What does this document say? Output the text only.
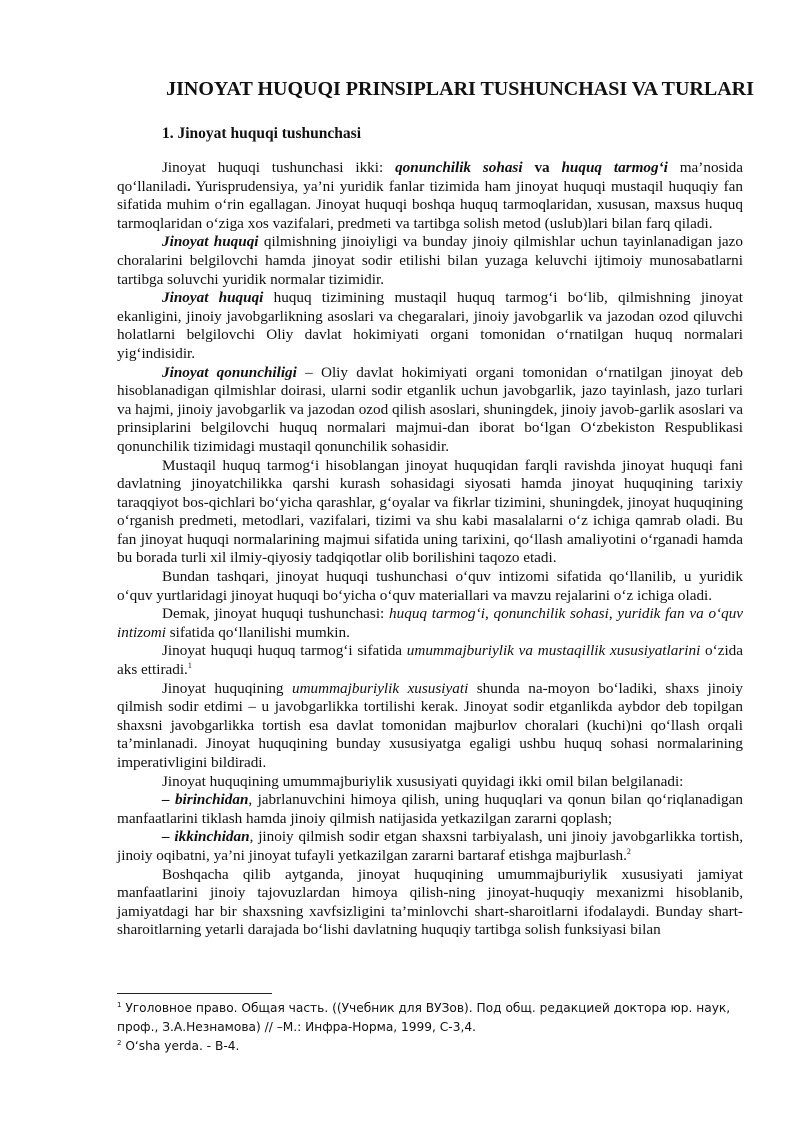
JINOYAT HUQUQI PRINSIPLARI TUSHUNCHASI VA TURLARI
1. Jinoyat huquqi tushunchasi

Jinoyat huquqi tushunchasi ikki: qonunchilik sohasi va huquq tarmog‘i ma’nosida qo‘llaniladi. Yurisprudensiya, ya’ni yuridik fanlar tizimida ham jinoyat huquqi mustaqil huquqiy fan sifatida muhim o‘rin egallagan. Jinoyat huquqi boshqa huquq tarmoqlaridan, xususan, maxsus huquq tarmoqlaridan o‘ziga xos vazifalari, predmeti va tartibga solish metod (uslub)lari bilan farq qiladi.

Jinoyat huquqi qilmishning jinoiyligi va bunday jinoiy qilmishlar uchun tayinlanadigan jazo choralarini belgilovchi hamda jinoyat sodir etilishi bilan yuzaga keluvchi ijtimoiy munosabatlarni tartibga soluvchi yuridik normalar tizimidir.

Jinoyat huquqi huquq tizimining mustaqil huquq tarmog‘i bo‘lib, qilmishning jinoyat ekanligini, jinoiy javobgarlikning asoslari va chegaralari, jinoiy javobgarlik va jazodan ozod qiluvchi holatlarni belgilovchi Oliy davlat hokimiyati organi tomonidan o‘rnatilgan huquq normalari yig‘indisidir.

Jinoyat qonunchiligi – Oliy davlat hokimiyati organi tomonidan o‘rnatilgan jinoyat deb hisoblanadigan qilmishlar doirasi, ularni sodir etganlik uchun javobgarlik, jazo tayinlash, jazo turlari va hajmi, jinoiy javobgarlik va jazodan ozod qilish asoslari, shuningdek, jinoiy javob-garlik asoslari va prinsiplarini belgilovchi huquq normalari majmui-dan iborat bo‘lgan O‘zbekiston Respublikasi qonunchilik tizimidagi mustaqil qonunchilik sohasidir.

Mustaqil huquq tarmog‘i hisoblangan jinoyat huquqidan farqli ravishda jinoyat huquqi fani davlatning jinoyatchilikka qarshi kurash sohasidagi siyosati hamda jinoyat huquqining tarixiy taraqqiyot bos-qichlari bo‘yicha qarashlar, g‘oyalar va fikrlar tizimini, shuningdek, jinoyat huquqining o‘rganish predmeti, metodlari, vazifalari, tizimi va shu kabi masalalarni o‘z ichiga qamrab oladi. Bu fan jinoyat huquqi normalarining majmui sifatida uning tarixini, qo‘llash amaliyotini o‘rganadi hamda bu borada turli xil ilmiy-qiyosiy tadqiqotlar olib borilishini taqozo etadi.

Bundan tashqari, jinoyat huquqi tushunchasi o‘quv intizomi sifatida qo‘llanilib, u yuridik o‘quv yurtlaridagi jinoyat huquqi bo‘yicha o‘quv materiallari va mavzu rejalarini o‘z ichiga oladi.

Demak, jinoyat huquqi tushunchasi: huquq tarmog‘i, qonunchilik sohasi, yuridik fan va o‘quv intizomi sifatida qo‘llanilishi mumkin.

Jinoyat huquqi huquq tarmog‘i sifatida umummajburiylik va mustaqillik xususiyatlarini o‘zida aks ettiradi.$^1$

Jinoyat huquqining umummajburiylik xususiyati shunda na-moyon bo‘ladiki, shaxs jinoiy qilmish sodir etdimi – u javobgarlikka tortilishi kerak. Jinoyat sodir etganlikda aybdor deb topilgan shaxsni javobgarlikka tortish esa davlat tomonidan majburlov choralari (kuchi)ni qo‘llash orqali ta’minlanadi. Jinoyat huquqining bunday xususiyatga egaligi ushbu huquq sohasi normalarining imperativligini bildiradi.

Jinoyat huquqining umummajburiylik xususiyati quyidagi ikki omil bilan belgilanadi:

– birinchidan, jabrlanuvchini himoya qilish, uning huquqlari va qonun bilan qo‘riqlanadigan manfaatlarini tiklash hamda jinoiy qilmish natijasida yetkazilgan zararni qoplash;

– ikkinchidan, jinoiy qilmish sodir etgan shaxsni tarbiyalash, uni jinoiy javobgarlikka tortish, jinoiy oqibatni, ya’ni jinoyat tufayli yetkazilgan zararni bartaraf etishga majburlash.$^2$

Boshqacha qilib aytganda, jinoyat huquqining umummajburiylik xususiyati jamiyat manfaatlarini jinoiy tajovuzlardan himoya qilish-ning jinoyat-huquqiy mexanizmi hisoblanib, jamiyatdagi har bir shaxsning xavfsizligini ta’minlovchi shart-sharoitlarni ifodalaydi. Bunday shart-sharoitlarning yetarli darajada bo‘lishi davlatning huquqiy tartibga solish funksiyasi bilan

$^1$ Уголовное право. Общая часть. ((Учебник для ВУЗов). Под общ. редакцией доктора юр. наук, проф., З.А.Незнамова) // –М.: Инфра-Норма, 1999, С-3,4.

$^2$ O‘sha yerda. - B-4.
